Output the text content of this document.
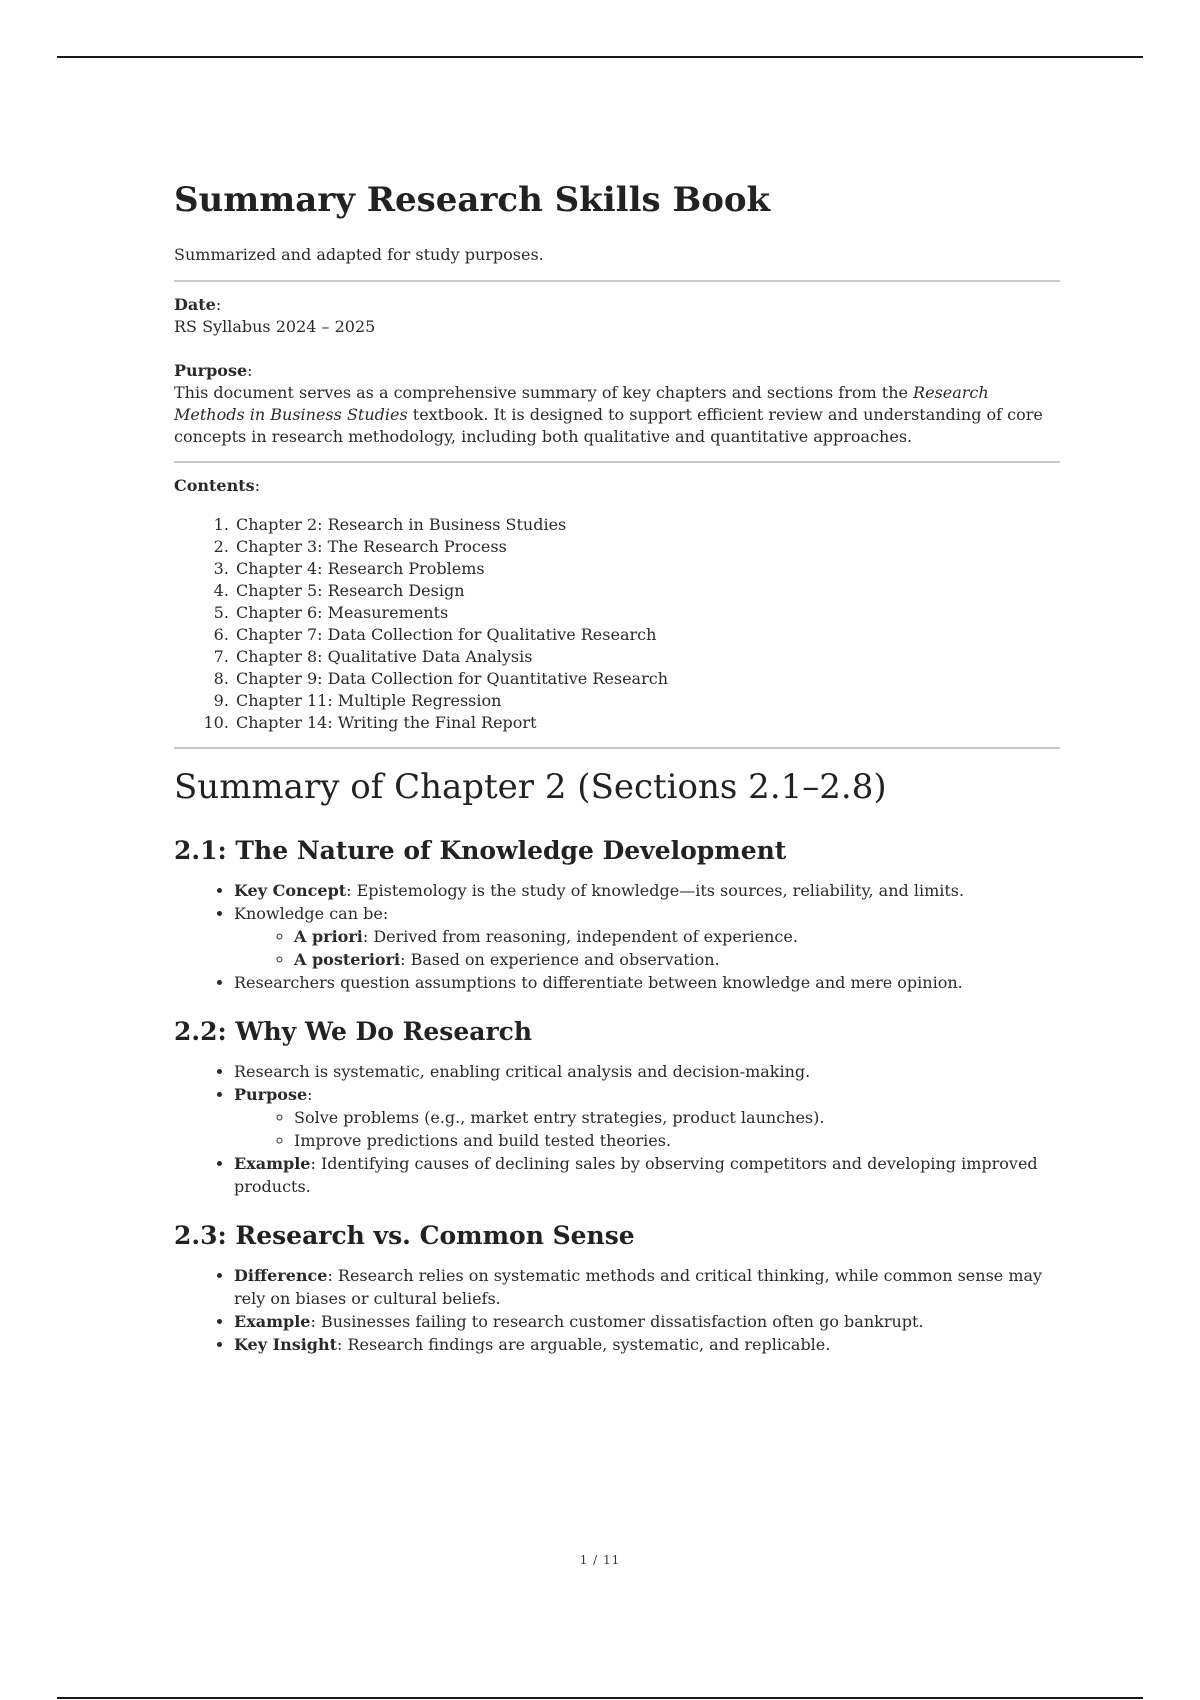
Summary Research Skills Book

Summarized and adapted for study purposes.

Date:

RS Syllabus 2024 – 2025

Purpose:

This document serves as a comprehensive summary of key chapters and sections from the Research Methods in Business Studies textbook. It is designed to support efficient review and understanding of core concepts in research methodology, including both qualitative and quantitative approaches.

Contents:

1. Chapter 2: Research in Business Studies
2. Chapter 3: The Research Process
3. Chapter 4: Research Problems
4. Chapter 5: Research Design
5. Chapter 6: Measurements
6. Chapter 7: Data Collection for Qualitative Research
7. Chapter 8: Qualitative Data Analysis
8. Chapter 9: Data Collection for Quantitative Research
9. Chapter 11: Multiple Regression
10. Chapter 14: Writing the Final Report
Summary of Chapter 2 (Sections 2.1–2.8)
2.1: The Nature of Knowledge Development
• Key Concept: Epistemology is the study of knowledge—its sources, reliability, and limits.
• Knowledge can be:
◦ A priori: Derived from reasoning, independent of experience.
◦ A posteriori: Based on experience and observation.
• Researchers question assumptions to differentiate between knowledge and mere opinion.
2.2: Why We Do Research
• Research is systematic, enabling critical analysis and decision-making.
• Purpose:
◦ Solve problems (e.g., market entry strategies, product launches).
◦ Improve predictions and build tested theories.
• Example: Identifying causes of declining sales by observing competitors and developing improved products.
2.3: Research vs. Common Sense
• Difference: Research relies on systematic methods and critical thinking, while common sense may rely on biases or cultural beliefs.
• Example: Businesses failing to research customer dissatisfaction often go bankrupt.
• Key Insight: Research findings are arguable, systematic, and replicable.
1 / 11
